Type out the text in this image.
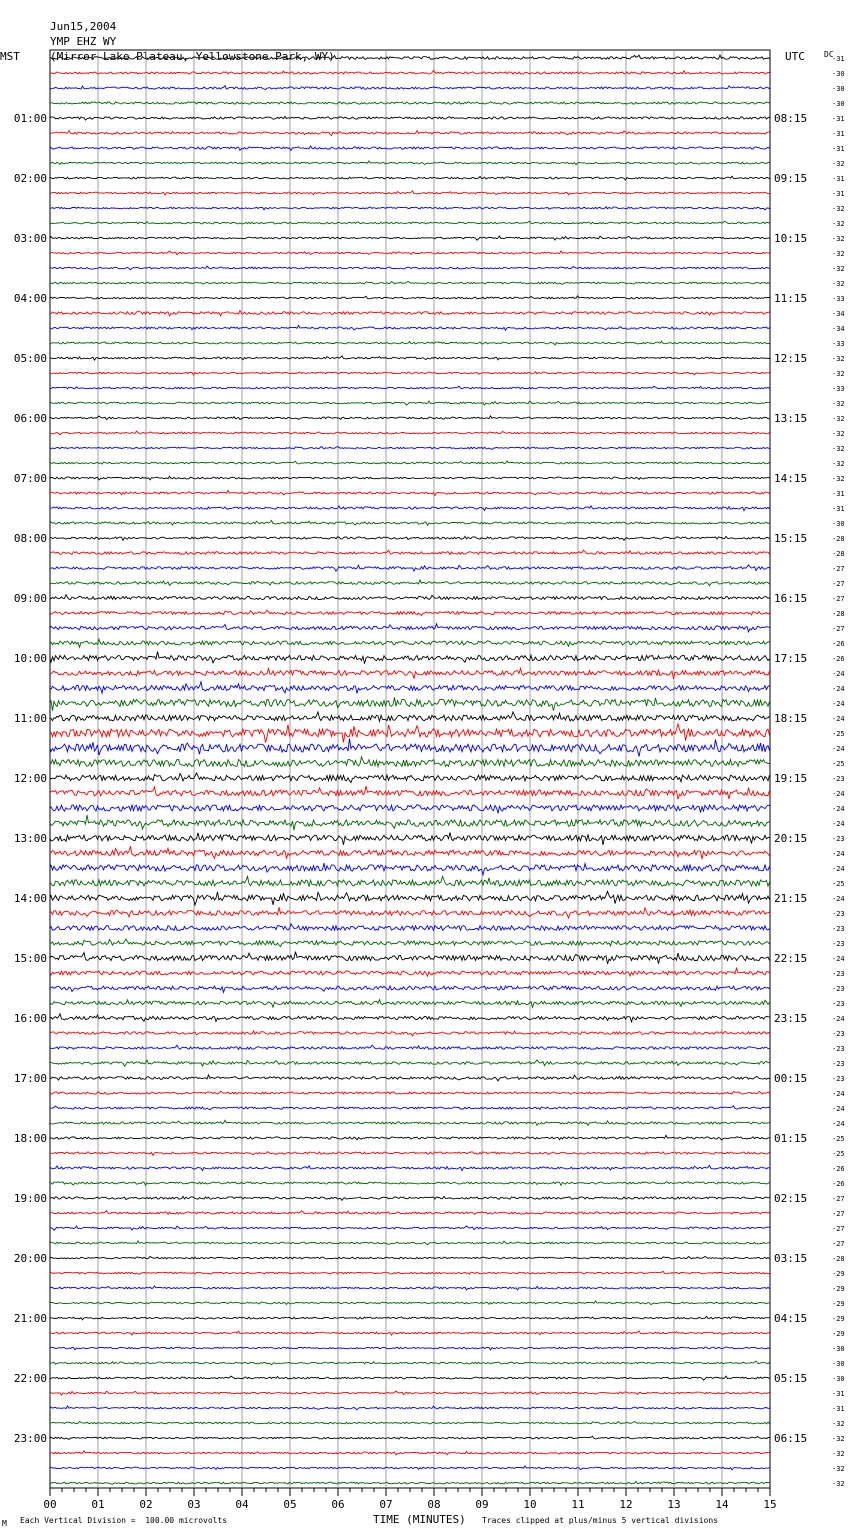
Jun15,2004
YMP EHZ WY
(Mirror Lake Plateau, Yellowstone Park, WY)

MST	UTC DC
00	01	02	03	04	05	06	07	08	09	10	11	12	13	14	15
-31
-30
-30
-30
-31
-31
-31
-32
-31
-31
-32
-32
-32
-32
-32
-32
-33
-34
-34
-33
-32
-32
-33
-32
-32
-32
-32
-32
-32
-31
-31
-30
-28
-28
-27
-27
-27
-28
-27
-26
-26
-24
-24
-24
-24
-25
-24
-25
-23
-24
-24
-24
-23
-24
-24
-25
-24
-23
-23
-23
-24
-23
-23
-23
-24
-23
-23
-23
-23
-24
-24
-24
-25
-25
-26
-26
-27
-27
-27
-27
-28
-29
-29
-29
-29
-29
-30
-30
-30
-31
-31
-32
-32
-32
-32
-32
01:00
02:00
03:00
04:00
05:00
06:00
07:00
08:00
09:00
10:00
11:00
12:00
13:00
14:00
15:00
16:00
17:00
18:00
19:00
20:00
21:00
22:00
23:00
08:15
09:15
10:15
11:15
12:15
13:15
14:15
15:15
16:15
17:15
18:15
19:15
20:15
21:15
22:15
23:15
00:15
01:15
02:15
03:15
04:15
05:15
06:15
M Each Vertical Division =  100.00 microvolts	TIME (MINUTES) Traces clipped at plus/minus 5 vertical divisions
